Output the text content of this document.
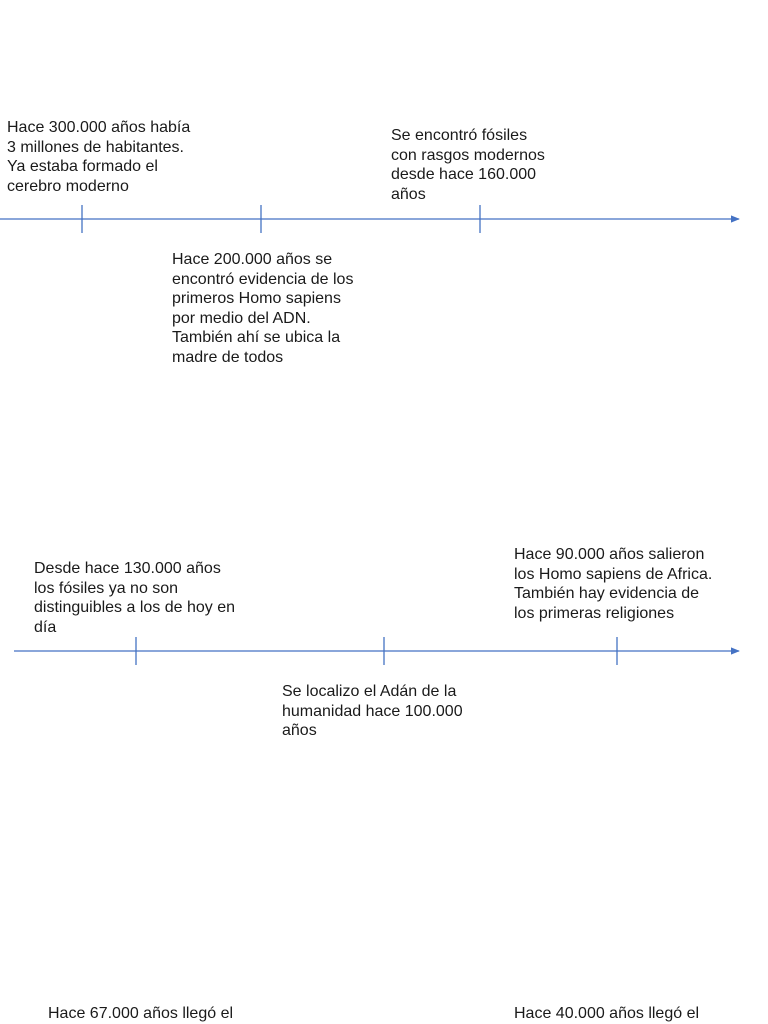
Hace 300.000 años había
3 millones de habitantes.
Ya estaba formado el
cerebro moderno

Hace 200.000 años se
encontró evidencia de los
primeros Homo sapiens
por medio del ADN.
También ahí se ubica la
madre de todos

Se encontró fósiles
con rasgos modernos
desde hace 160.000
años

Desde hace 130.000 años
los fósiles ya no son
distinguibles a los de hoy en
día

Se localizo el Adán de la
humanidad hace 100.000
años

Hace 90.000 años salieron
los Homo sapiens de Africa.
También hay evidencia de
los primeras religiones

Hace 67.000 años llegó el	Hace 40.000 años llegó el
